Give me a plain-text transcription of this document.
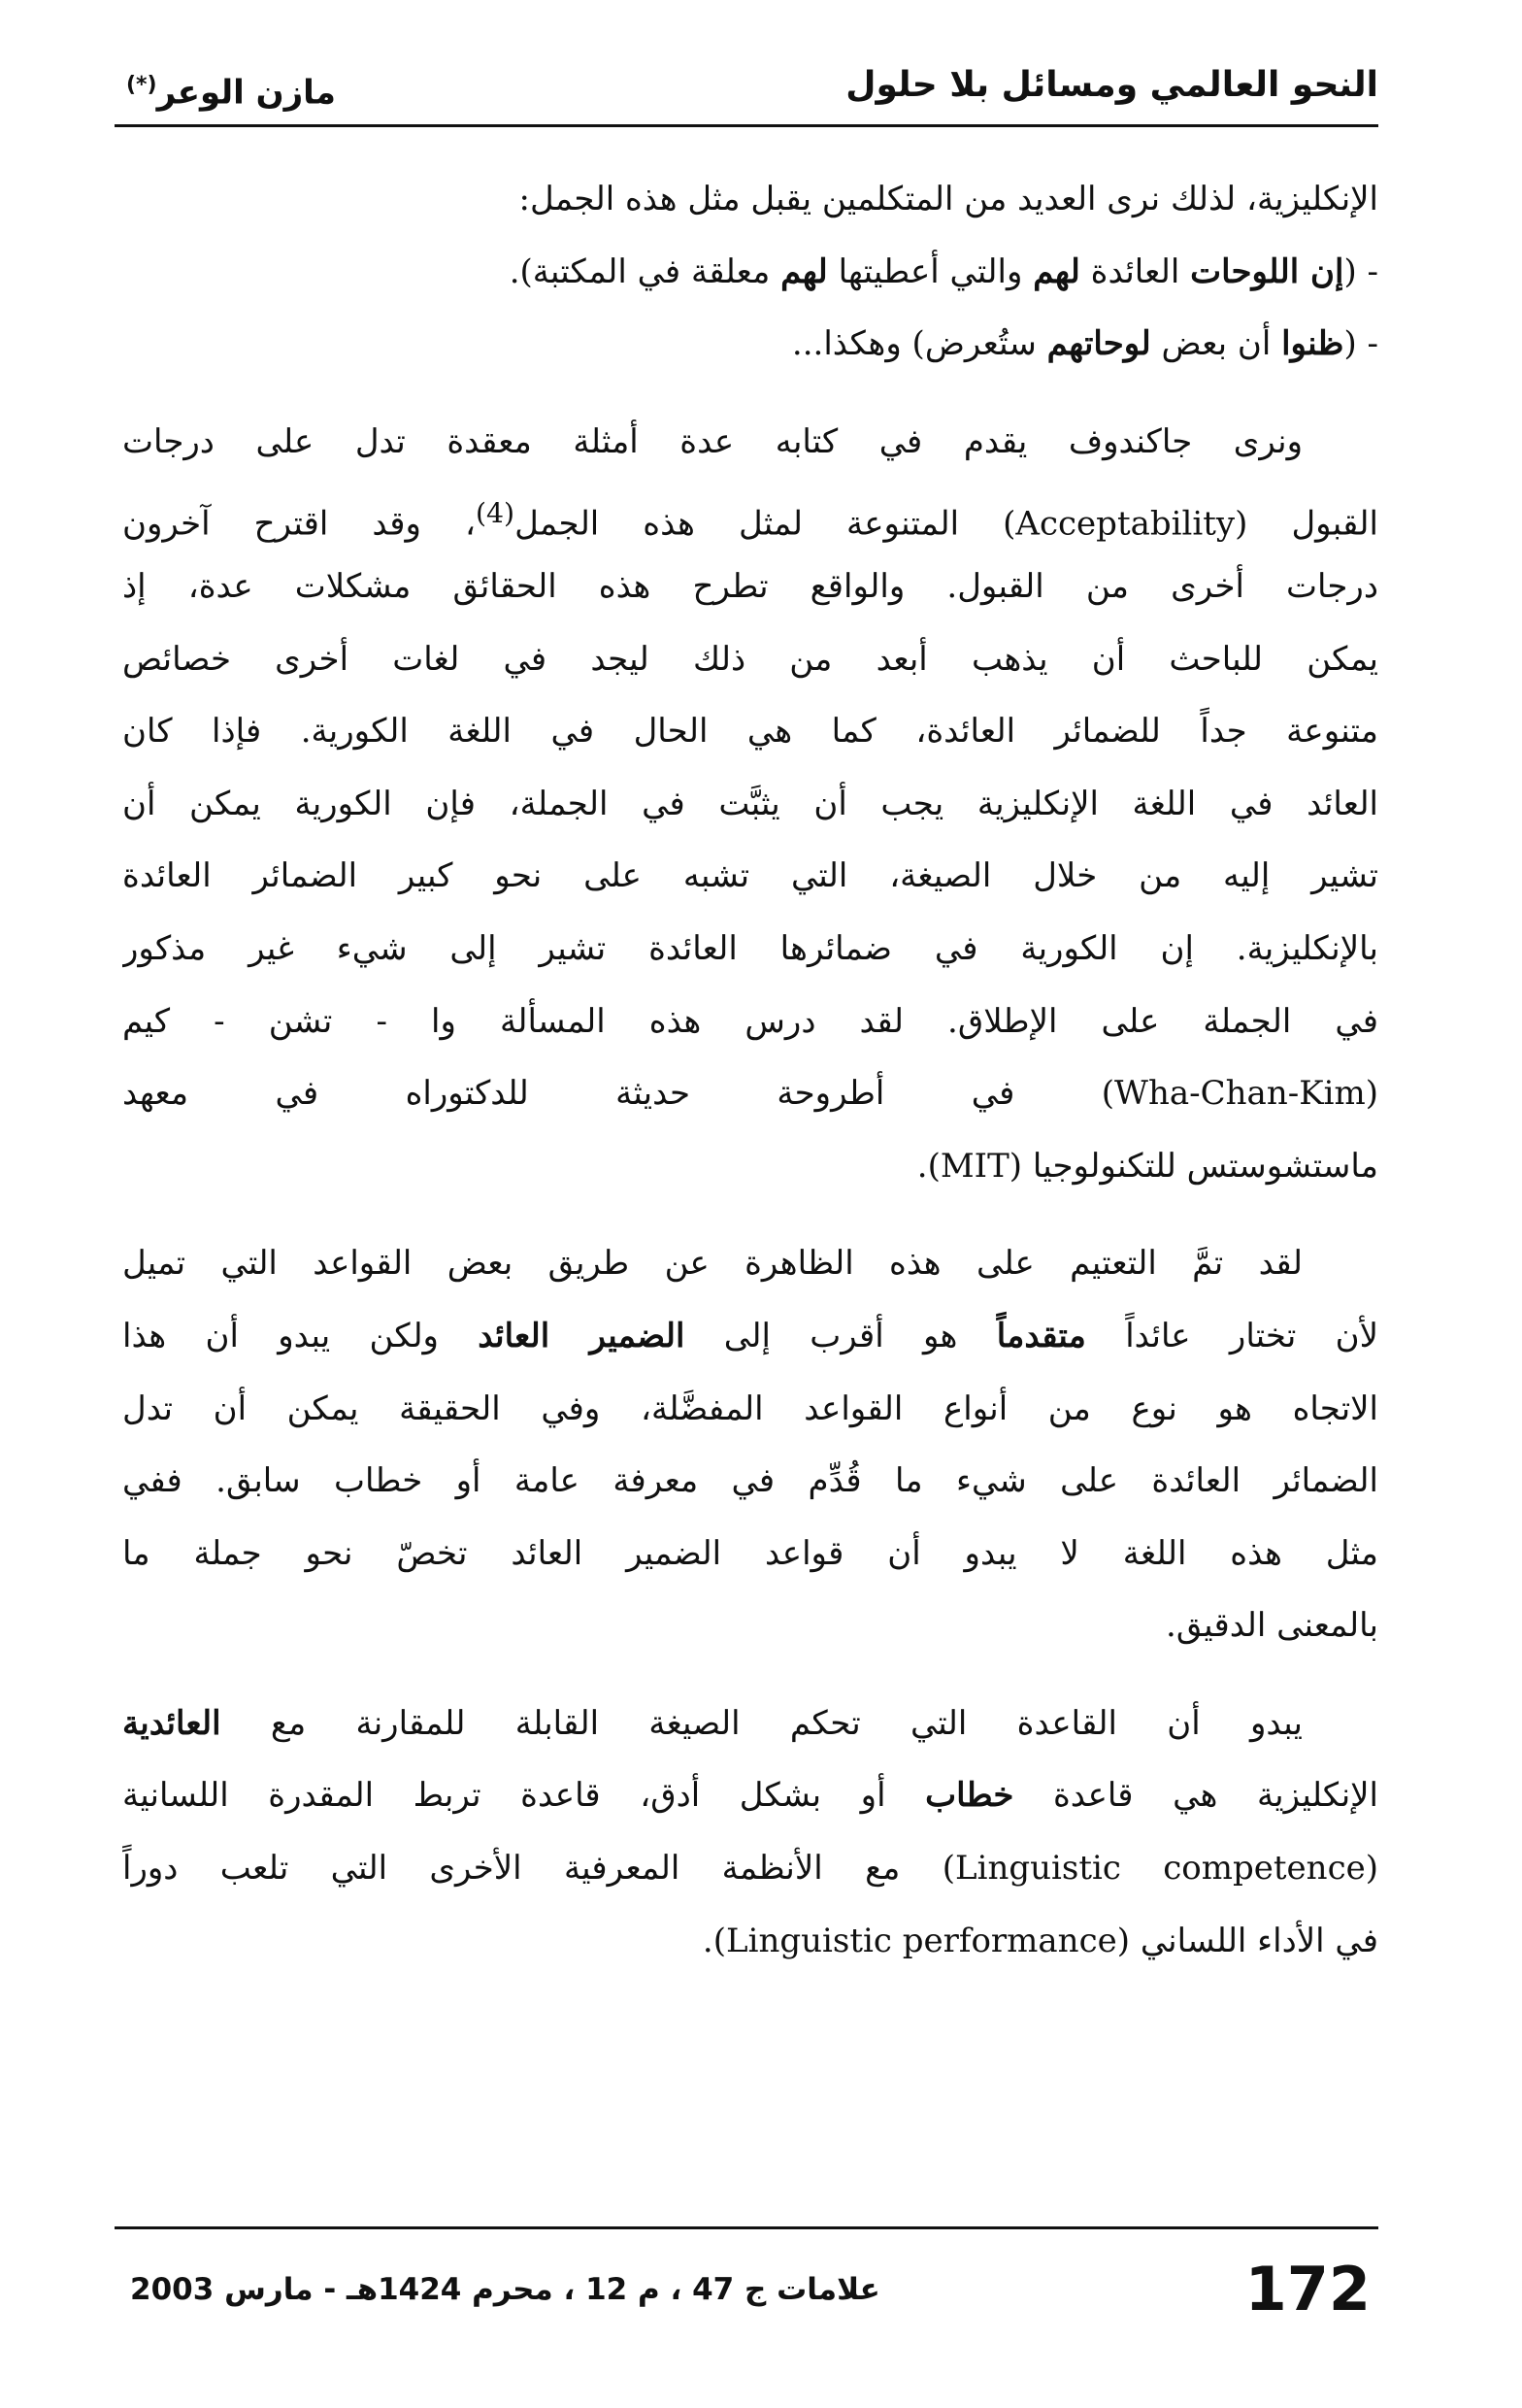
النحو العالمي ومسائل بلا حلول
مازن الوعر(*)
الإنكليزية، لذلك نرى العديد من المتكلمين يقبل مثل هذه الجمل:
- (إن اللوحات العائدة لهم والتي أعطيتها لهم معلقة في المكتبة).
- (ظنوا أن بعض لوحاتهم ستُعرض) وهكذا...
ونرى جاكندوف يقدم في كتابه عدة أمثلة معقدة تدل على درجات
القبول (Acceptability) المتنوعة لمثل هذه الجمل$^{(4)}$، وقد اقترح آخرون
درجات أخرى من القبول. والواقع تطرح هذه الحقائق مشكلات عدة، إذ
يمكن للباحث أن يذهب أبعد من ذلك ليجد في لغات أخرى خصائص
متنوعة جداً للضمائر العائدة، كما هي الحال في اللغة الكورية. فإذا كان
العائد في اللغة الإنكليزية يجب أن يثبَّت في الجملة، فإن الكورية يمكن أن
تشير إليه من خلال الصيغة، التي تشبه على نحو كبير الضمائر العائدة
بالإنكليزية. إن الكورية في ضمائرها العائدة تشير إلى شيء غير مذكور
في الجملة على الإطلاق. لقد درس هذه المسألة وا - تشن - كيم
(Wha-Chan-Kim) في أطروحة حديثة للدكتوراه في معهد
ماستشوستس للتكنولوجيا (MIT).
لقد تمَّ التعتيم على هذه الظاهرة عن طريق بعض القواعد التي تميل
لأن تختار عائداً متقدماً هو أقرب إلى الضمير العائد ولكن يبدو أن هذا
الاتجاه هو نوع من أنواع القواعد المفضَّلة، وفي الحقيقة يمكن أن تدل
الضمائر العائدة على شيء ما قُدِّم في معرفة عامة أو خطاب سابق. ففي
مثل هذه اللغة لا يبدو أن قواعد الضمير العائد تخصّ نحو جملة ما
بالمعنى الدقيق.
يبدو أن القاعدة التي تحكم الصيغة القابلة للمقارنة مع العائدية
الإنكليزية هي قاعدة خطاب أو بشكل أدق، قاعدة تربط المقدرة اللسانية
(Linguistic competence) مع الأنظمة المعرفية الأخرى التي تلعب دوراً
في الأداء اللساني (Linguistic performance).
172
علامات ج 47 ، م 12 ، محرم 1424هـ - مارس 2003
